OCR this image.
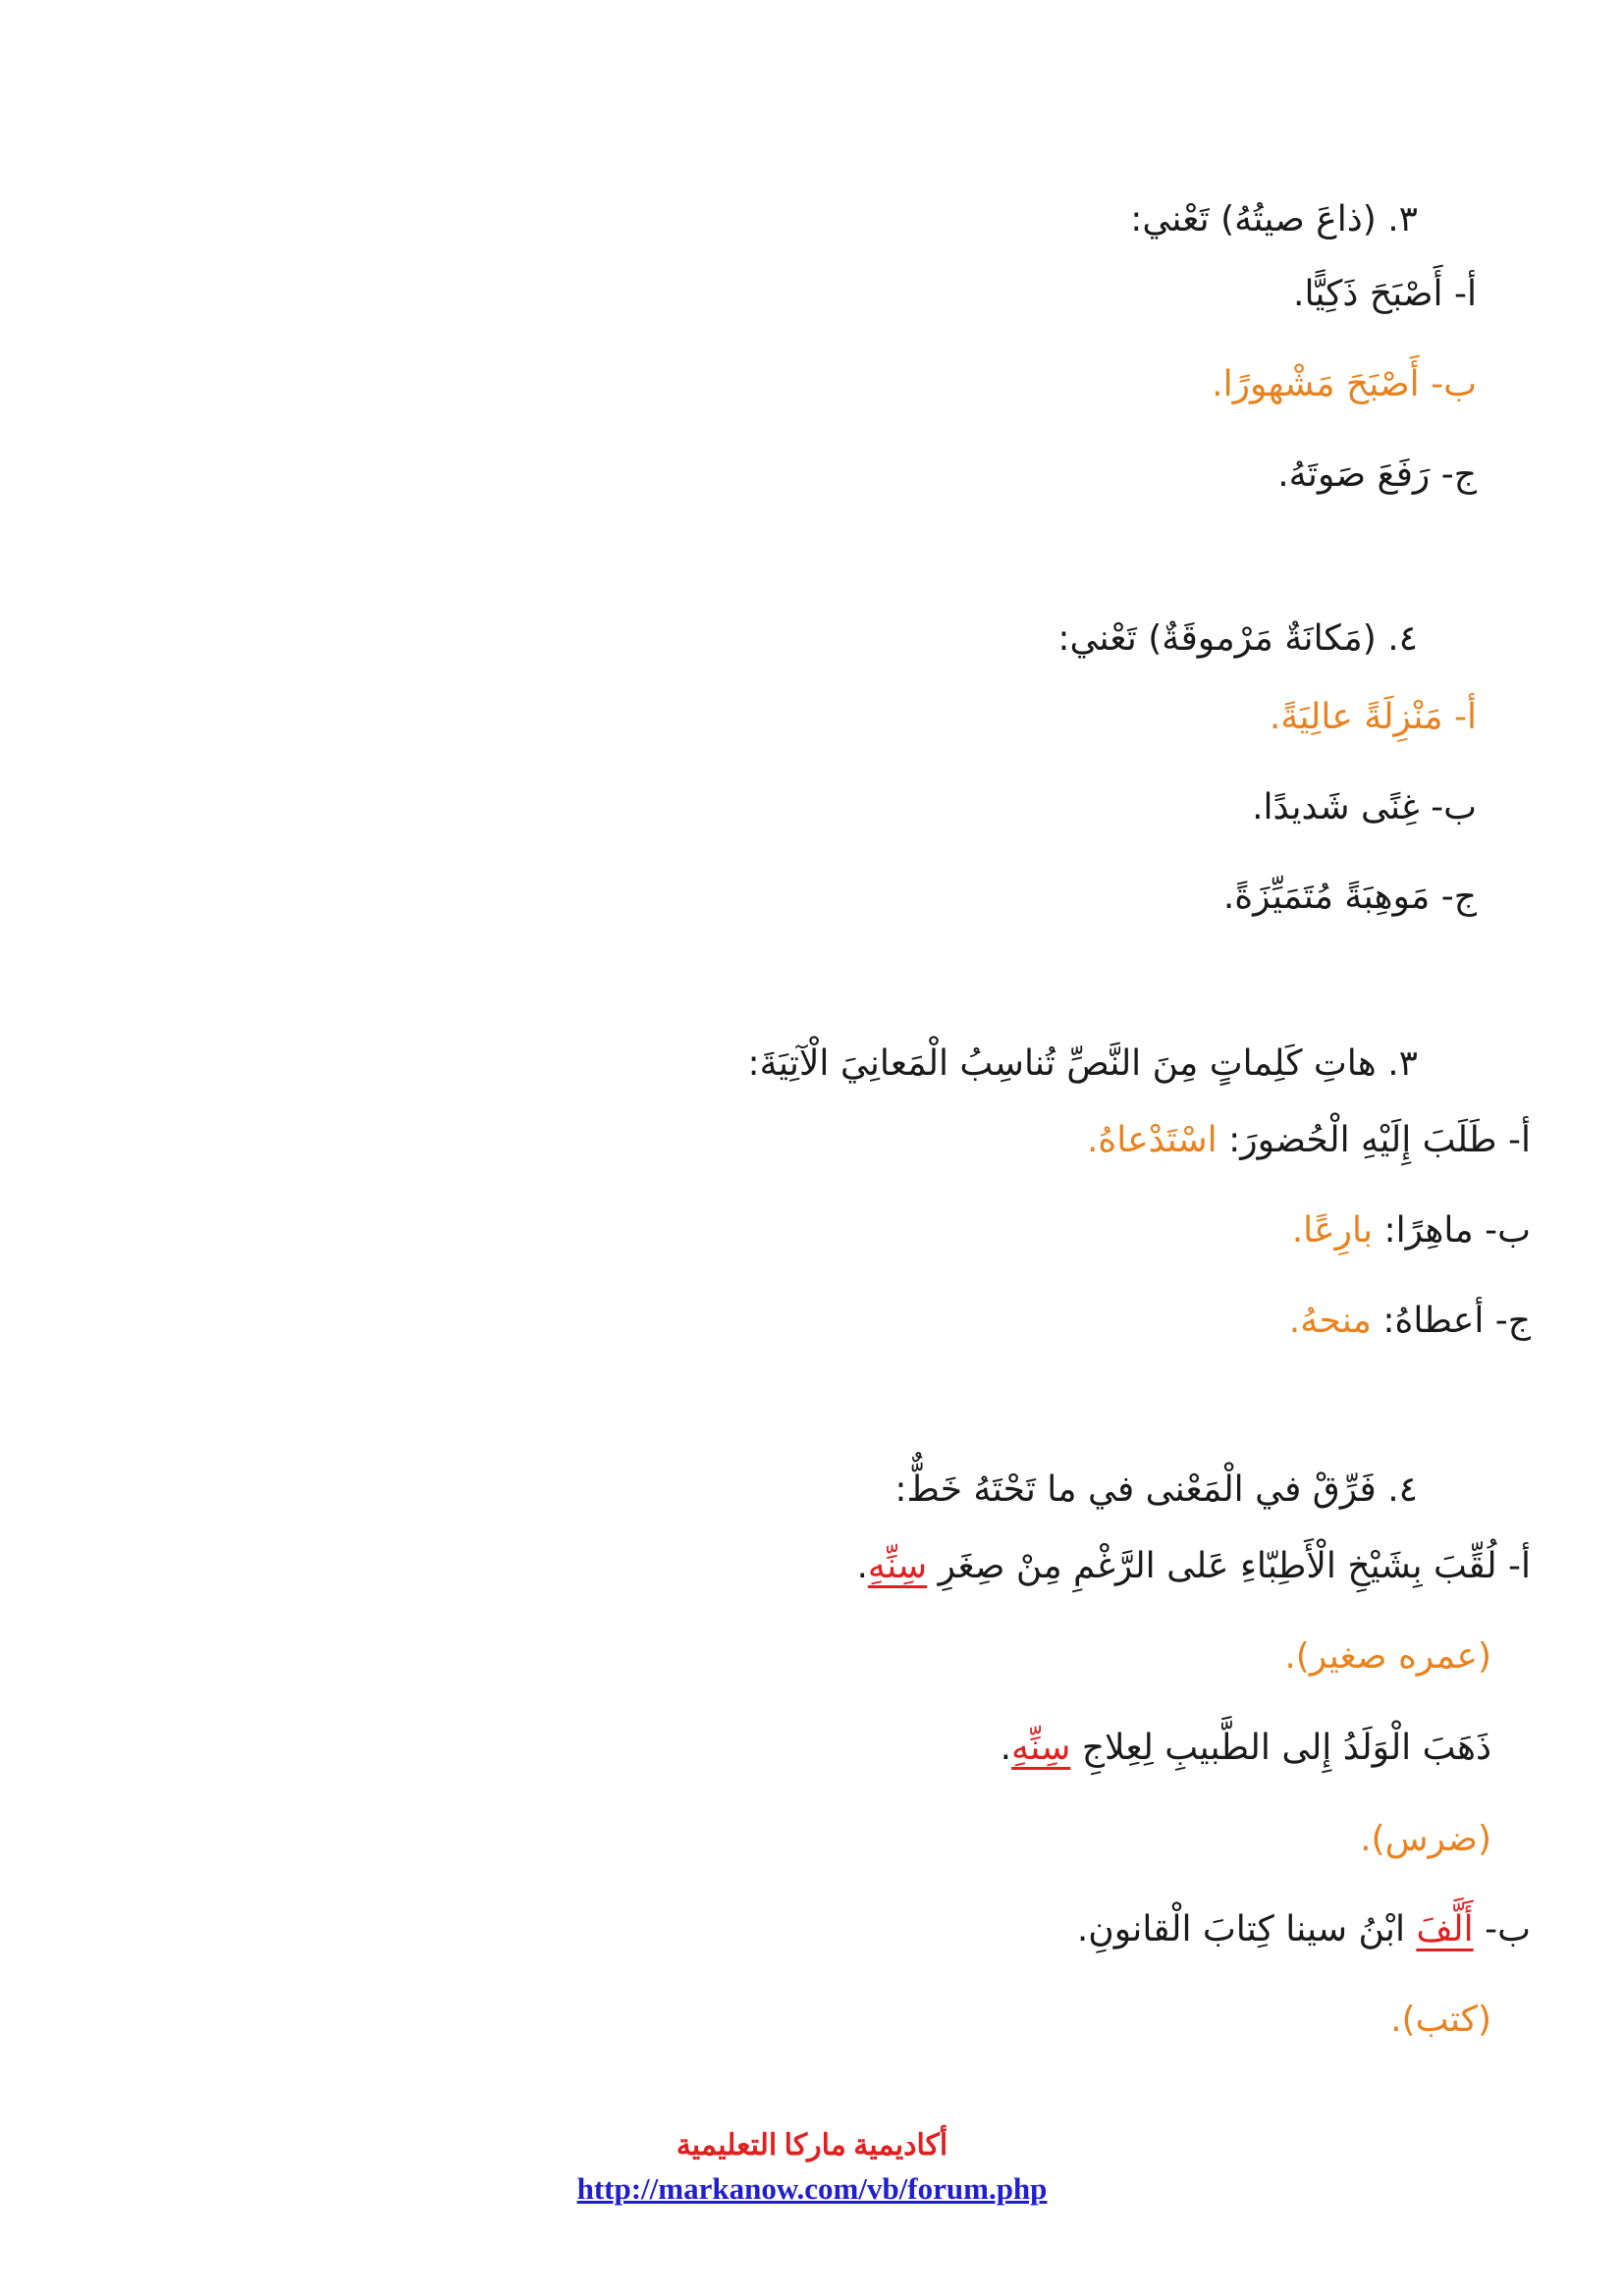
٣. (ذاعَ صيتُهُ) تَعْني:
أ- أَصْبَحَ ذَكِيًّا.
ب- أَصْبَحَ مَشْهورًا.
ج- رَفَعَ صَوتَهُ.
٤. (مَكانَةٌ مَرْموقَةٌ) تَعْني:
أ- مَنْزِلَةً عالِيَةً.
ب- غِنًى شَديدًا.
ج- مَوهِبَةً مُتَمَيِّزَةً.
٣. هاتِ كَلِماتٍ مِنَ النَّصِّ تُناسِبُ الْمَعانِيَ الْآتِيَةَ:
أ- طَلَبَ إِلَيْهِ الْحُضورَ: اسْتَدْعاهُ.
ب- ماهِرًا: بارِعًا.
ج- أعطاهُ: منحهُ.
٤. فَرِّقْ في الْمَعْنى في ما تَحْتَهُ خَطٌّ:
أ- لُقِّبَ بِشَيْخِ الْأَطِبّاءِ عَلى الرَّغْمِ مِنْ صِغَرِ سِنِّهِ.
(عمره صغير).
ذَهَبَ الْوَلَدُ إِلى الطَّبيبِ لِعِلاجِ سِنِّهِ.
(ضرس).
ب- أَلَّفَ ابْنُ سينا كِتابَ الْقانونِ.
(كتب).
أكاديمية ماركا التعليمية
http://markanow.com/vb/forum.php
